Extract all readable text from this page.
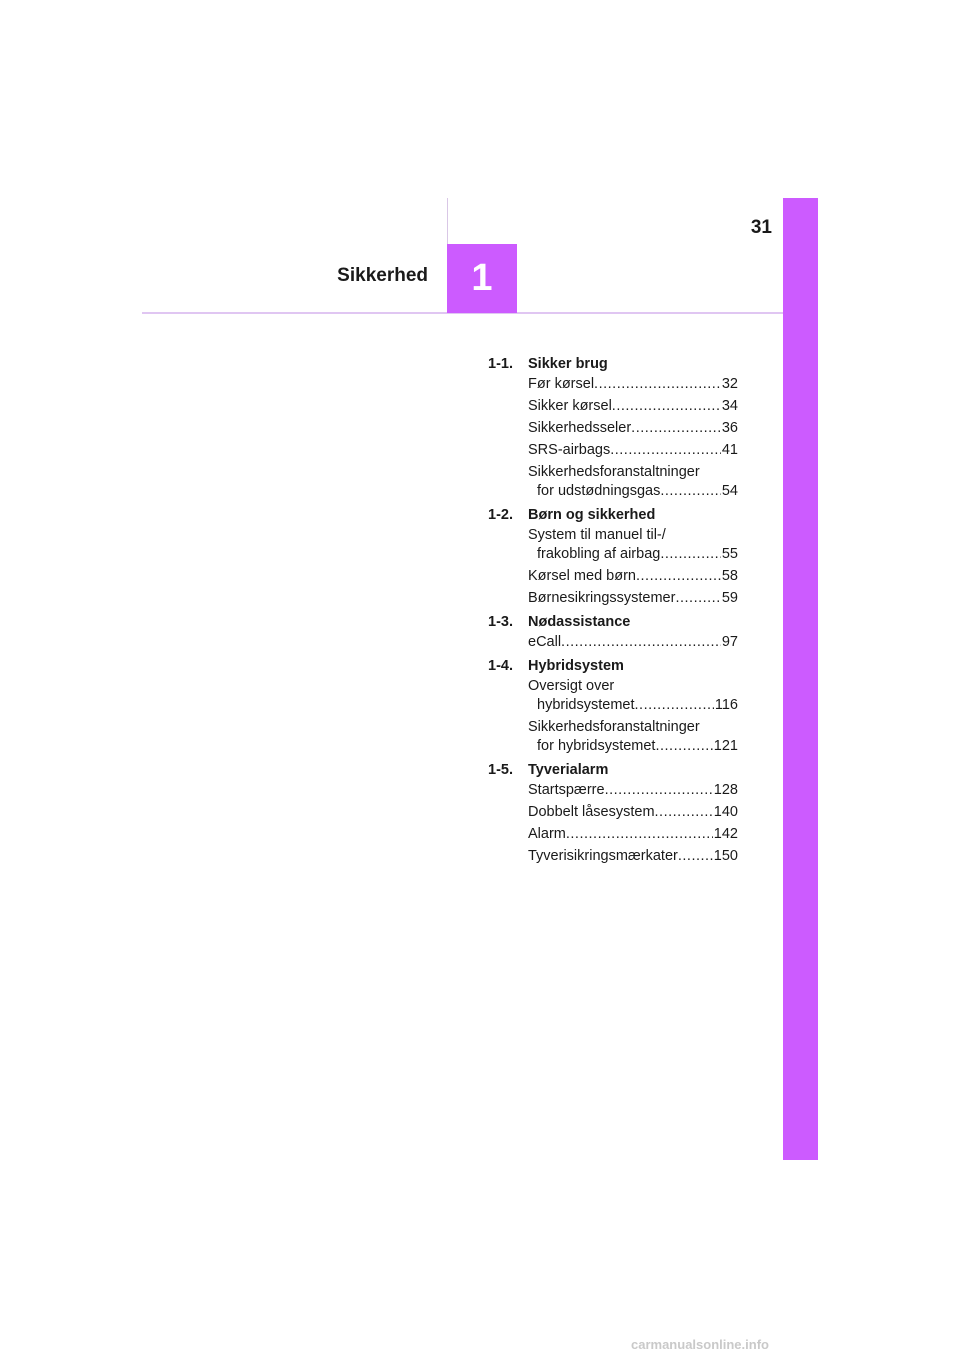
31
Sikkerhed 1
1-1.	Sikker brug
Før kørsel .....	32
Sikker kørsel .....	34
Sikkerhedsseler .....	36
SRS-airbags .....	41
Sikkerhedsforanstaltninger
for udstødningsgas .....	54
1-2.	Børn og sikkerhed
System til manuel til-/
frakobling af airbag .....	55
Kørsel med børn .....	58
Børnesikringssystemer .....	59
1-3.	Nødassistance
eCall .....	97
1-4.	Hybridsystem
Oversigt over
hybridsystemet .....	116
Sikkerhedsforanstaltninger
for hybridsystemet .....	121
1-5.	Tyverialarm
Startspærre .....	128
Dobbelt låsesystem .....	140
Alarm .....	142
Tyverisikringsmærkater ..... 150
carmanualsonline.info
